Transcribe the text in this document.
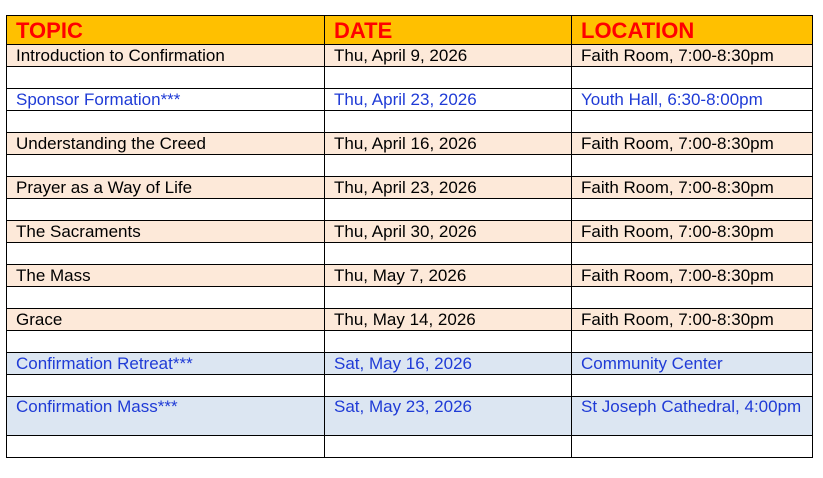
TOPIC	DATE	LOCATION
Introduction to Confirmation	Thu, April 9, 2026	Faith Room, 7:00-8:30pm

Sponsor Formation***	Thu, April 23, 2026	Youth Hall, 6:30-8:00pm

Understanding the Creed	Thu, April 16, 2026	Faith Room, 7:00-8:30pm

Prayer as a Way of Life	Thu, April 23, 2026	Faith Room, 7:00-8:30pm

The Sacraments	Thu, April 30, 2026	Faith Room, 7:00-8:30pm

The Mass	Thu, May 7, 2026	Faith Room, 7:00-8:30pm

Grace	Thu, May 14, 2026	Faith Room, 7:00-8:30pm

Confirmation Retreat***	Sat, May 16, 2026	Community Center

Confirmation Mass***	Sat, May 23, 2026	St Joseph Cathedral, 4:00pm
